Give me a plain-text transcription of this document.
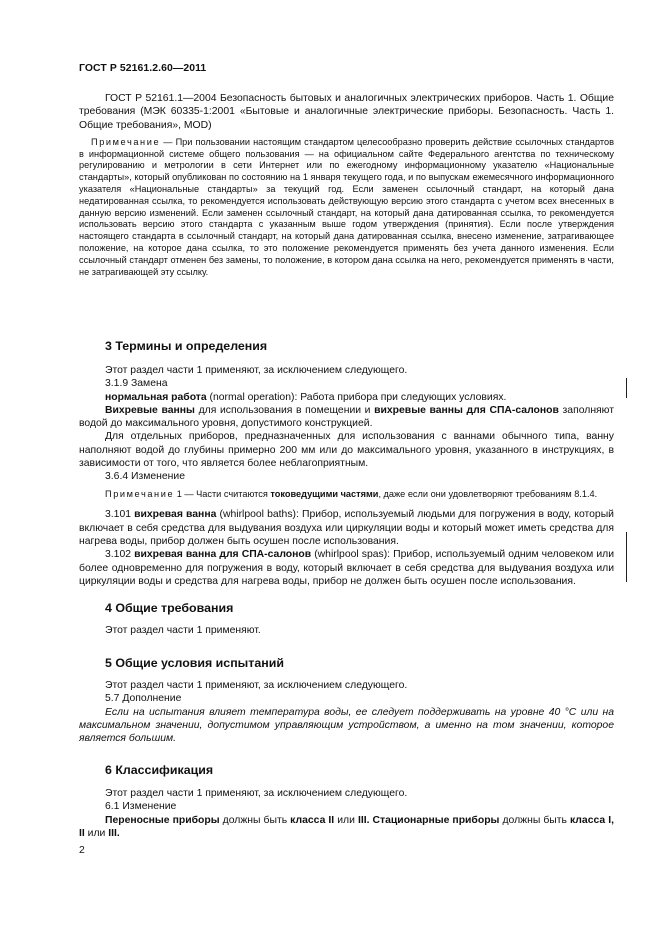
ГОСТ Р 52161.2.60—2011

ГОСТ Р 52161.1—2004 Безопасность бытовых и аналогичных электрических приборов. Часть 1. Общие требования (МЭК 60335-1:2001 «Бытовые и аналогичные электрические приборы. Безопасность. Часть 1. Общие требования», MOD)

Примечание — При пользовании настоящим стандартом целесообразно проверить действие ссылочных стандартов в информационной системе общего пользования — на официальном сайте Федерального агентства по техническому регулированию и метрологии в сети Интернет или по ежегодному информационному указателю «Национальные стандарты», который опубликован по состоянию на 1 января текущего года, и по выпускам ежемесячного информационного указателя «Национальные стандарты» за текущий год. Если заменен ссылочный стандарт, на который дана недатированная ссылка, то рекомендуется использовать действующую версию этого стандарта с учетом всех внесенных в данную версию изменений. Если заменен ссылочный стандарт, на который дана датированная ссылка, то рекомендуется использовать версию этого стандарта с указанным выше годом утверждения (принятия). Если после утверждения настоящего стандарта в ссылочный стандарт, на который дана датированная ссылка, внесено изменение, затрагивающее положение, на которое дана ссылка, то это положение рекомендуется применять без учета данного изменения. Если ссылочный стандарт отменен без замены, то положение, в котором дана ссылка на него, рекомендуется применять в части, не затрагивающей эту ссылку.

3 Термины и определения

Этот раздел части 1 применяют, за исключением следующего.

3.1.9 Замена

нормальная работа (normal operation): Работа прибора при следующих условиях.

Вихревые ванны для использования в помещении и вихревые ванны для СПА-салонов заполняют водой до максимального уровня, допустимого конструкцией.

Для отдельных приборов, предназначенных для использования с ваннами обычного типа, ванну наполняют водой до глубины примерно 200 мм или до максимального уровня, указанного в инструкциях, в зависимости от того, что является более неблагоприятным.

3.6.4 Изменение

Примечание 1 — Части считаются токоведущими частями, даже если они удовлетворяют требованиям 8.1.4.

3.101 вихревая ванна (whirlpool baths): Прибор, используемый людьми для погружения в воду, который включает в себя средства для выдувания воздуха или циркуляции воды и который может иметь средства для нагрева воды, прибор должен быть осушен после использования.

3.102 вихревая ванна для СПА-салонов (whirlpool spas): Прибор, используемый одним человеком или более одновременно для погружения в воду, который включает в себя средства для выдувания воздуха или циркуляции воды и средства для нагрева воды, прибор не должен быть осушен после использования.

4 Общие требования

Этот раздел части 1 применяют.

5 Общие условия испытаний

Этот раздел части 1 применяют, за исключением следующего.

5.7 Дополнение

Если на испытания влияет температура воды, ее следует поддерживать на уровне 40 °С или на максимальном значении, допустимом управляющим устройством, а именно на том значении, которое является большим.

6 Классификация

Этот раздел части 1 применяют, за исключением следующего.

6.1 Изменение

Переносные приборы должны быть класса II или III. Стационарные приборы должны быть класса I, II или III.

2
